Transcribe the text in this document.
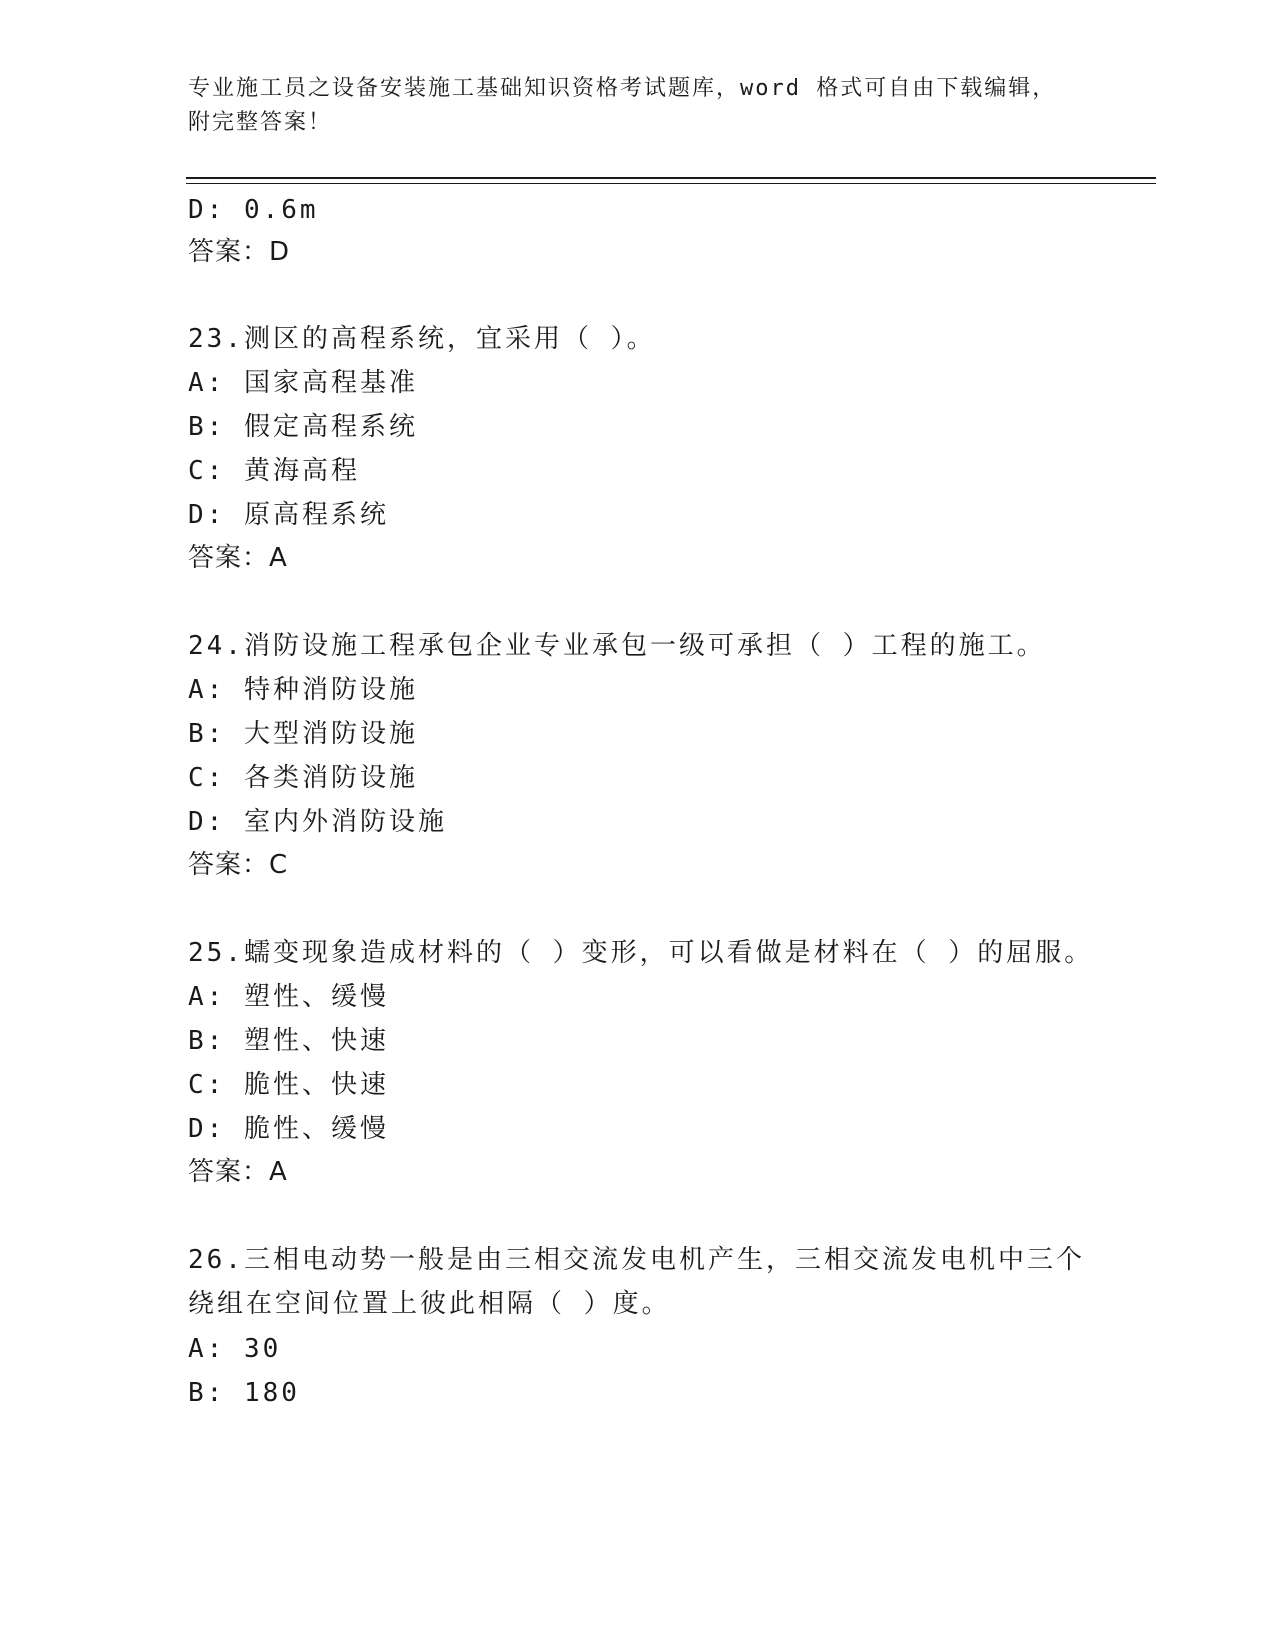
专业施工员之设备安装施工基础知识资格考试题库，word 格式可自由下载编辑，
附完整答案！
D: 0.6m
答案：D
23.测区的高程系统，宜采用（ ）。
A: 国家高程基准
B: 假定高程系统
C: 黄海高程
D: 原高程系统
答案：A
24.消防设施工程承包企业专业承包一级可承担（ ）工程的施工。
A: 特种消防设施
B: 大型消防设施
C: 各类消防设施
D: 室内外消防设施
答案：C
25.蠕变现象造成材料的（ ）变形，可以看做是材料在（ ）的屈服。
A: 塑性、缓慢
B: 塑性、快速
C: 脆性、快速
D: 脆性、缓慢
答案：A
26.三相电动势一般是由三相交流发电机产生，三相交流发电机中三个
绕组在空间位置上彼此相隔（ ）度。
A: 30
B: 180
